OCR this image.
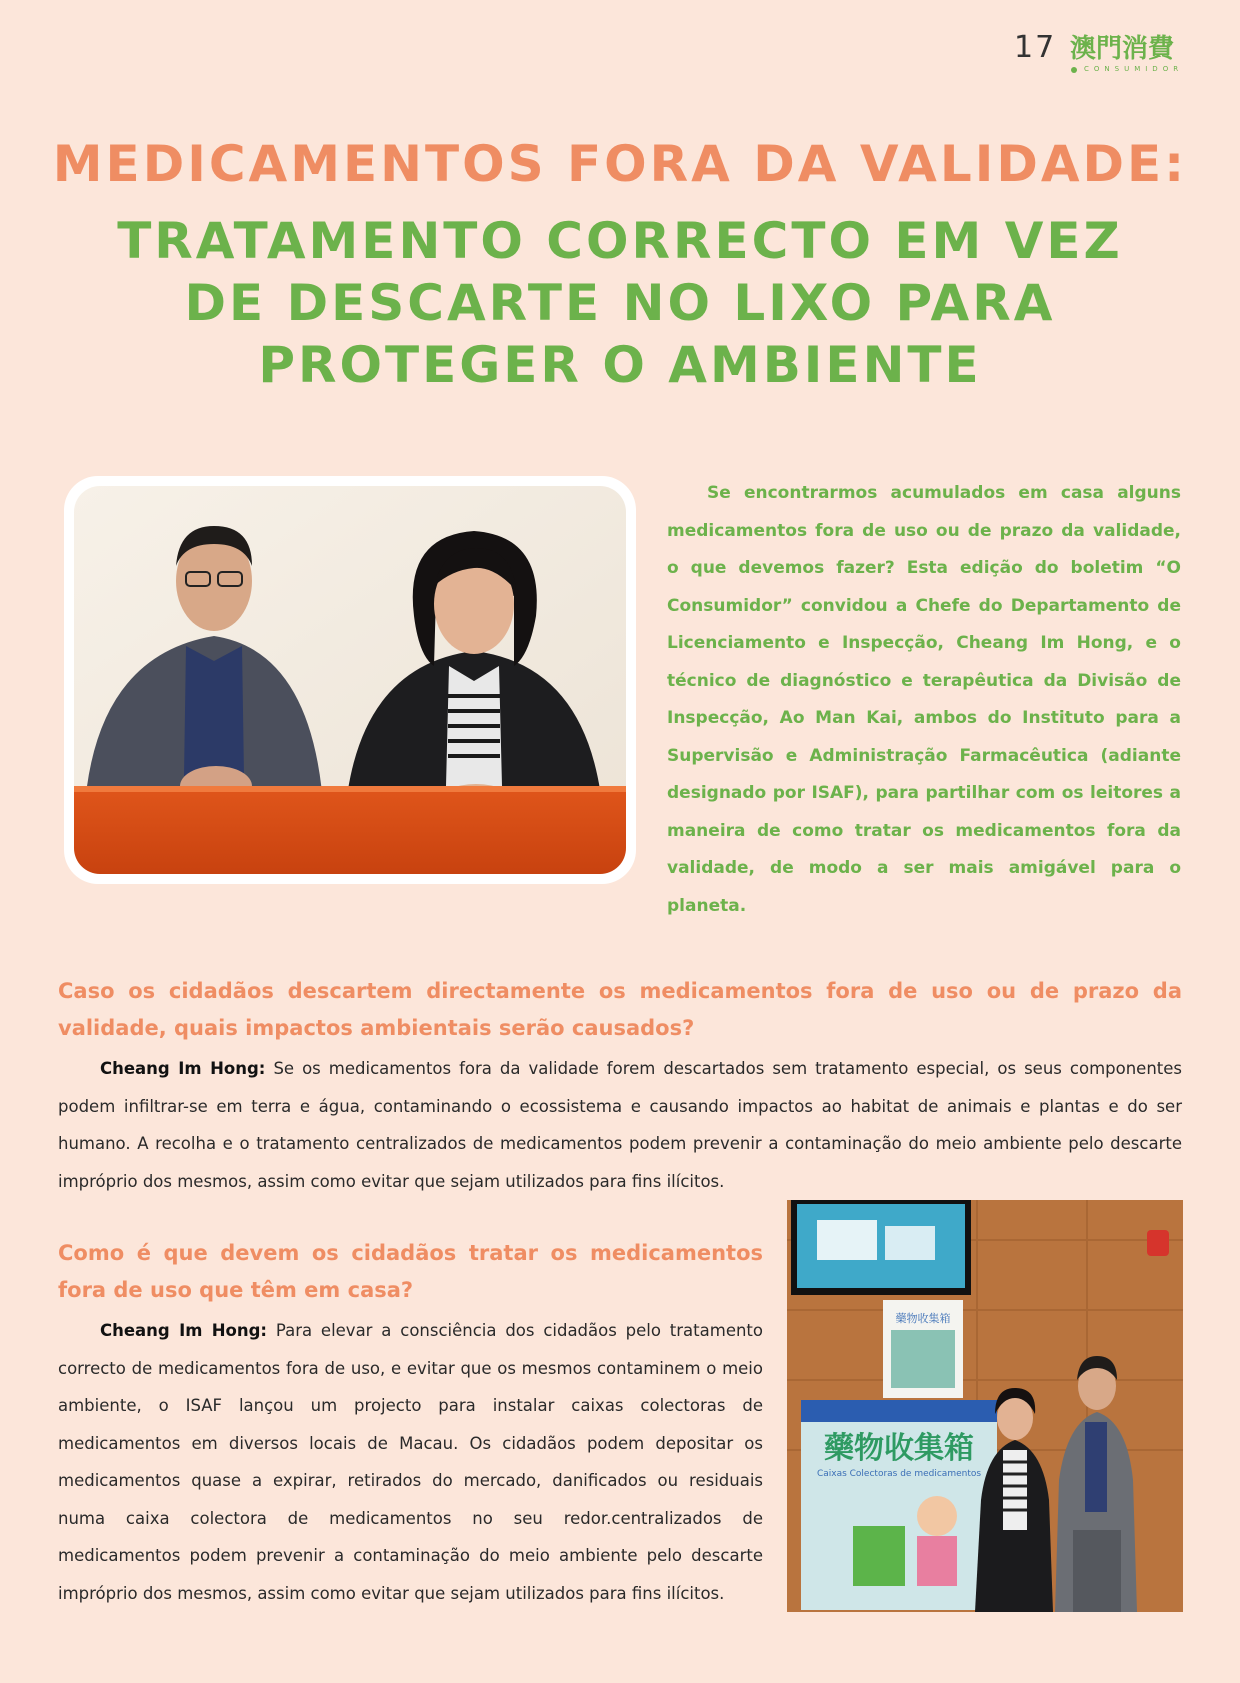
17 澳門消費
CONSUMIDOR
MEDICAMENTOS FORA DA VALIDADE:
TRATAMENTO CORRECTO EM VEZ DE DESCARTE NO LIXO PARA PROTEGER O AMBIENTE

Se encontrarmos acumulados em casa alguns medicamentos fora de uso ou de prazo da validade, o que devemos fazer? Esta edição do boletim “O Consumidor” convidou a Chefe do Departamento de Licenciamento e Inspecção, Cheang Im Hong, e o técnico de diagnóstico e terapêutica da Divisão de Inspecção, Ao Man Kai, ambos do Instituto para a Supervisão e Administração Farmacêutica (adiante designado por ISAF), para partilhar com os leitores a maneira de como tratar os medicamentos fora da validade, de modo a ser mais amigável para o planeta.

Caso os cidadãos descartem directamente os medicamentos fora de uso ou de prazo da validade, quais impactos ambientais serão causados?

Cheang Im Hong: Se os medicamentos fora da validade forem descartados sem tratamento especial, os seus componentes podem infiltrar-se em terra e água, contaminando o ecossistema e causando impactos ao habitat de animais e plantas e do ser humano. A recolha e o tratamento centralizados de medicamentos podem prevenir a contaminação do meio ambiente pelo descarte impróprio dos mesmos, assim como evitar que sejam utilizados para fins ilícitos.

Como é que devem os cidadãos tratar os medicamentos fora de uso que têm em casa?

Cheang Im Hong: Para elevar a consciência dos cidadãos pelo tratamento correcto de medicamentos fora de uso, e evitar que os mesmos contaminem o meio ambiente, o ISAF lançou um projecto para instalar caixas colectoras de medicamentos em diversos locais de Macau. Os cidadãos podem depositar os medicamentos quase a expirar, retirados do mercado, danificados ou residuais numa caixa colectora de medicamentos no seu redor.centralizados de medicamentos podem prevenir a contaminação do meio ambiente pelo descarte impróprio dos mesmos, assim como evitar que sejam utilizados para fins ilícitos.

藥物收集箱
藥物收集箱
Caixas Colectoras de medicamentos
